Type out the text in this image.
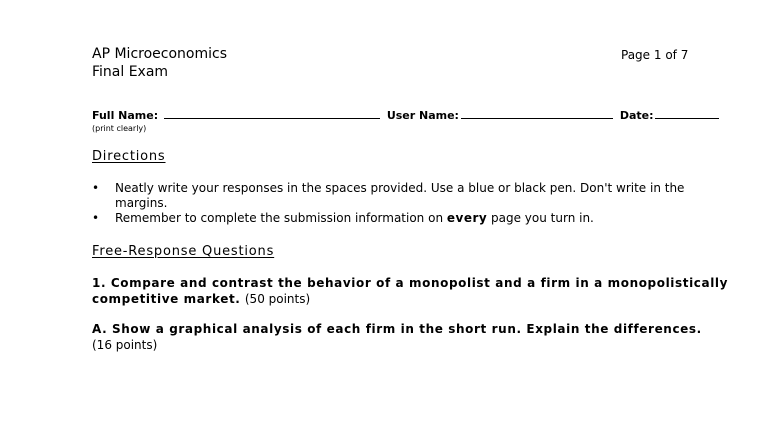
AP Microeconomics
Final Exam
Page 1 of 7
Full Name:	User Name:	Date:
(print clearly)
Directions
• Neatly write your responses in the spaces provided. Use a blue or black pen. Don't write in the margins.
• Remember to complete the submission information on every page you turn in.
Free-Response Questions
1. Compare and contrast the behavior of a monopolist and a firm in a monopolistically competitive market. (50 points)
A. Show a graphical analysis of each firm in the short run. Explain the differences.
(16 points)
